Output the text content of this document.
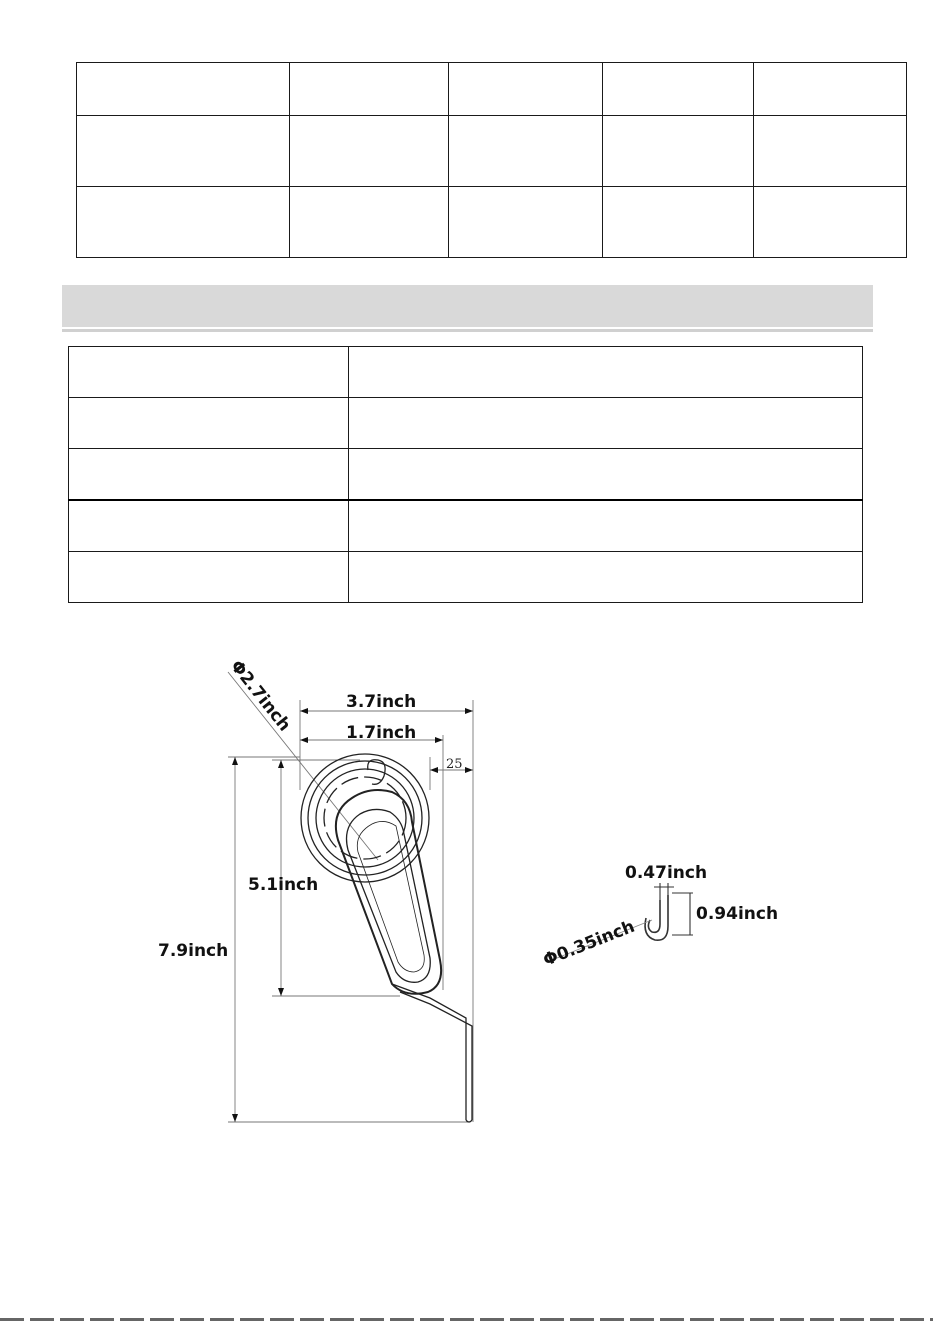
3.7inch
1.7inch
25
5.1inch
7.9inch
Φ2.7inch
0.47inch
0.94inch
Φ0.35inch
